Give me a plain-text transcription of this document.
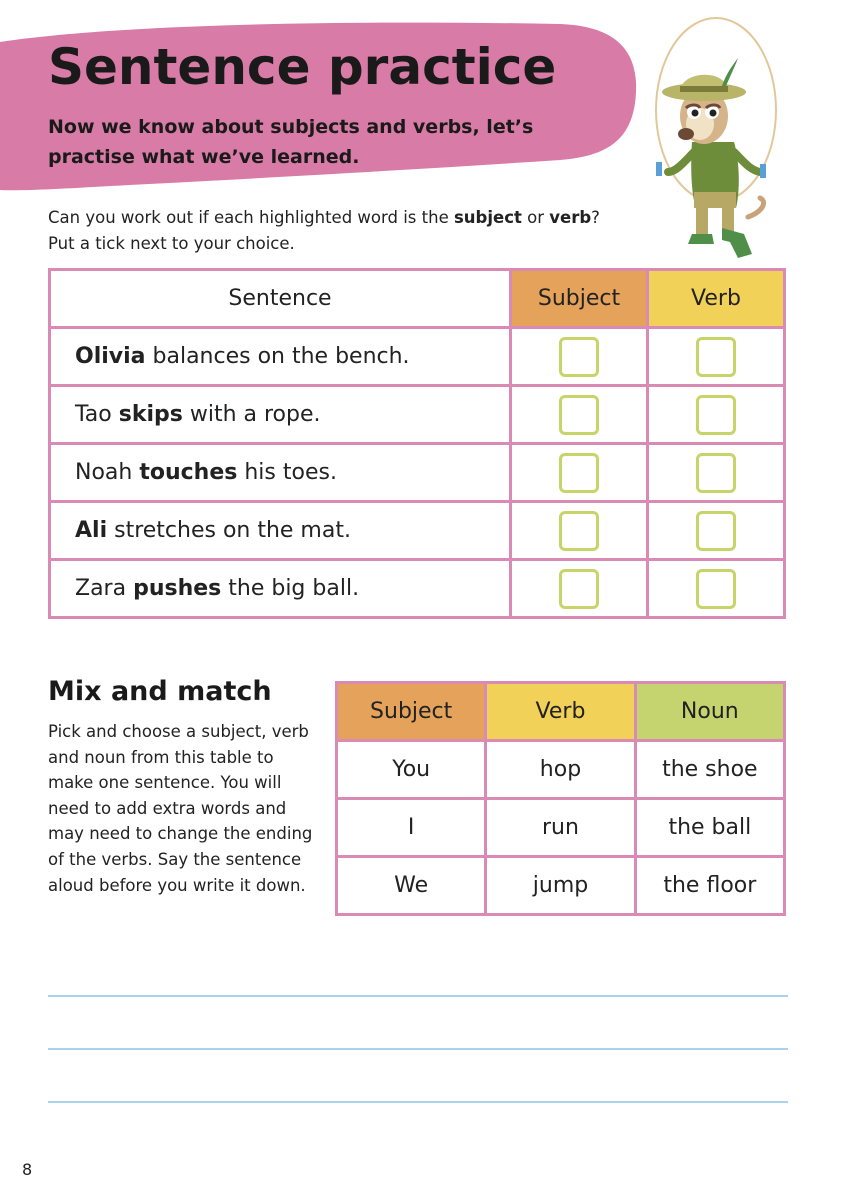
Sentence practice

Now we know about subjects and verbs, let’s practise what we’ve learned.

Can you work out if each highlighted word is the subject or verb?
Put a tick next to your choice.
Sentence	Subject	Verb
Olivia balances on the bench.		
Tao skips with a rope.		
Noah touches his toes.		
Ali stretches on the mat.		
Zara pushes the big ball.		
Mix and match

Pick and choose a subject, verb and noun from this table to make one sentence. You will need to add extra words and may need to change the ending of the verbs. Say the sentence aloud before you write it down.

Subject	Verb	Noun
You	hop	the shoe
I	run	the ball
We	jump	the floor
8
